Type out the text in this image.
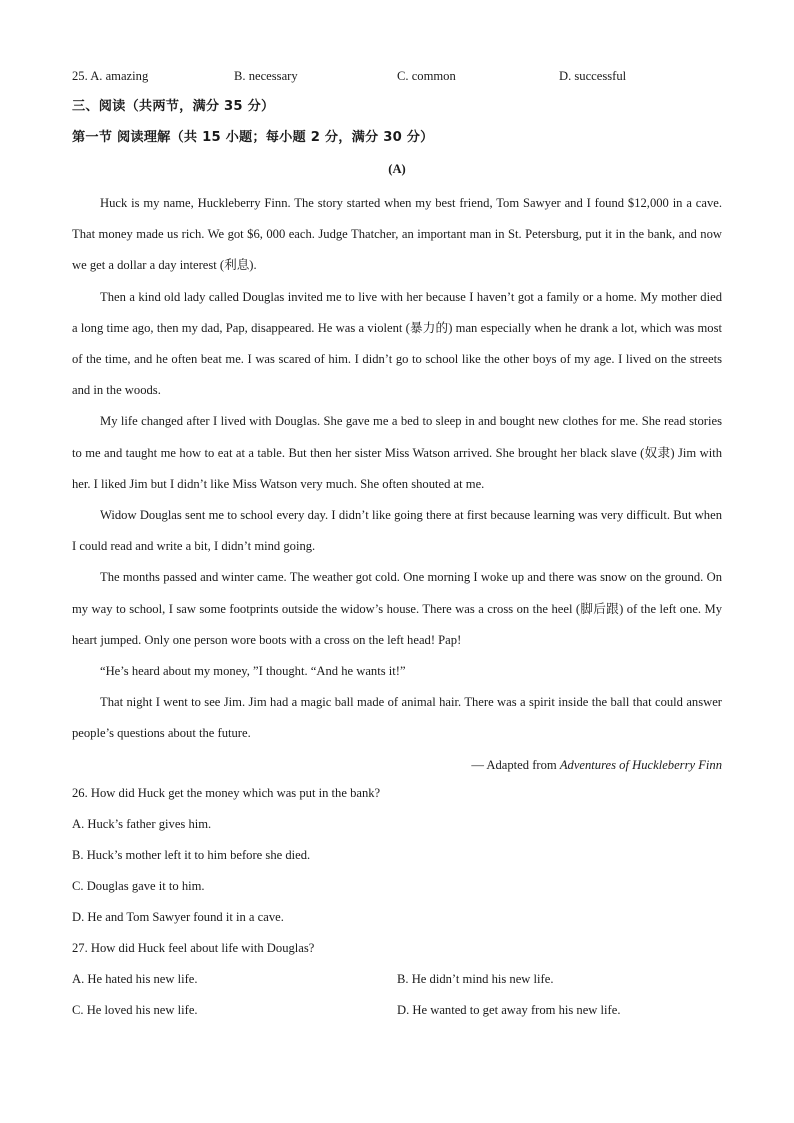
25. A. amazing	B. necessary	C. common	D. successful
三、阅读（共两节，满分 35 分）
第一节 阅读理解（共 15 小题；每小题 2 分，满分 30 分）
(A)

Huck is my name, Huckleberry Finn. The story started when my best friend, Tom Sawyer and I found $12,000 in a cave. That money made us rich. We got $6, 000 each. Judge Thatcher, an important man in St. Petersburg, put it in the bank, and now we get a dollar a day interest (利息).

Then a kind old lady called Douglas invited me to live with her because I haven’t got a family or a home. My mother died a long time ago, then my dad, Pap, disappeared. He was a violent (暴力的) man especially when he drank a lot, which was most of the time, and he often beat me. I was scared of him. I didn’t go to school like the other boys of my age. I lived on the streets and in the woods.

My life changed after I lived with Douglas. She gave me a bed to sleep in and bought new clothes for me. She read stories to me and taught me how to eat at a table. But then her sister Miss Watson arrived. She brought her black slave (奴隶) Jim with her. I liked Jim but I didn’t like Miss Watson very much. She often shouted at me.

Widow Douglas sent me to school every day. I didn’t like going there at first because learning was very difficult. But when I could read and write a bit, I didn’t mind going.

The months passed and winter came. The weather got cold. One morning I woke up and there was snow on the ground. On my way to school, I saw some footprints outside the widow’s house. There was a cross on the heel (脚后跟) of the left one. My heart jumped. Only one person wore boots with a cross on the left head! Pap!

“He’s heard about my money, ”I thought. “And he wants it!”

That night I went to see Jim. Jim had a magic ball made of animal hair. There was a spirit inside the ball that could answer people’s questions about the future.

— Adapted from Adventures of Huckleberry Finn
26. How did Huck get the money which was put in the bank?
A. Huck’s father gives him.
B. Huck’s mother left it to him before she died.
C. Douglas gave it to him.
D. He and Tom Sawyer found it in a cave.
27. How did Huck feel about life with Douglas?
A. He hated his new life.	B. He didn’t mind his new life.
C. He loved his new life.	D. He wanted to get away from his new life.
